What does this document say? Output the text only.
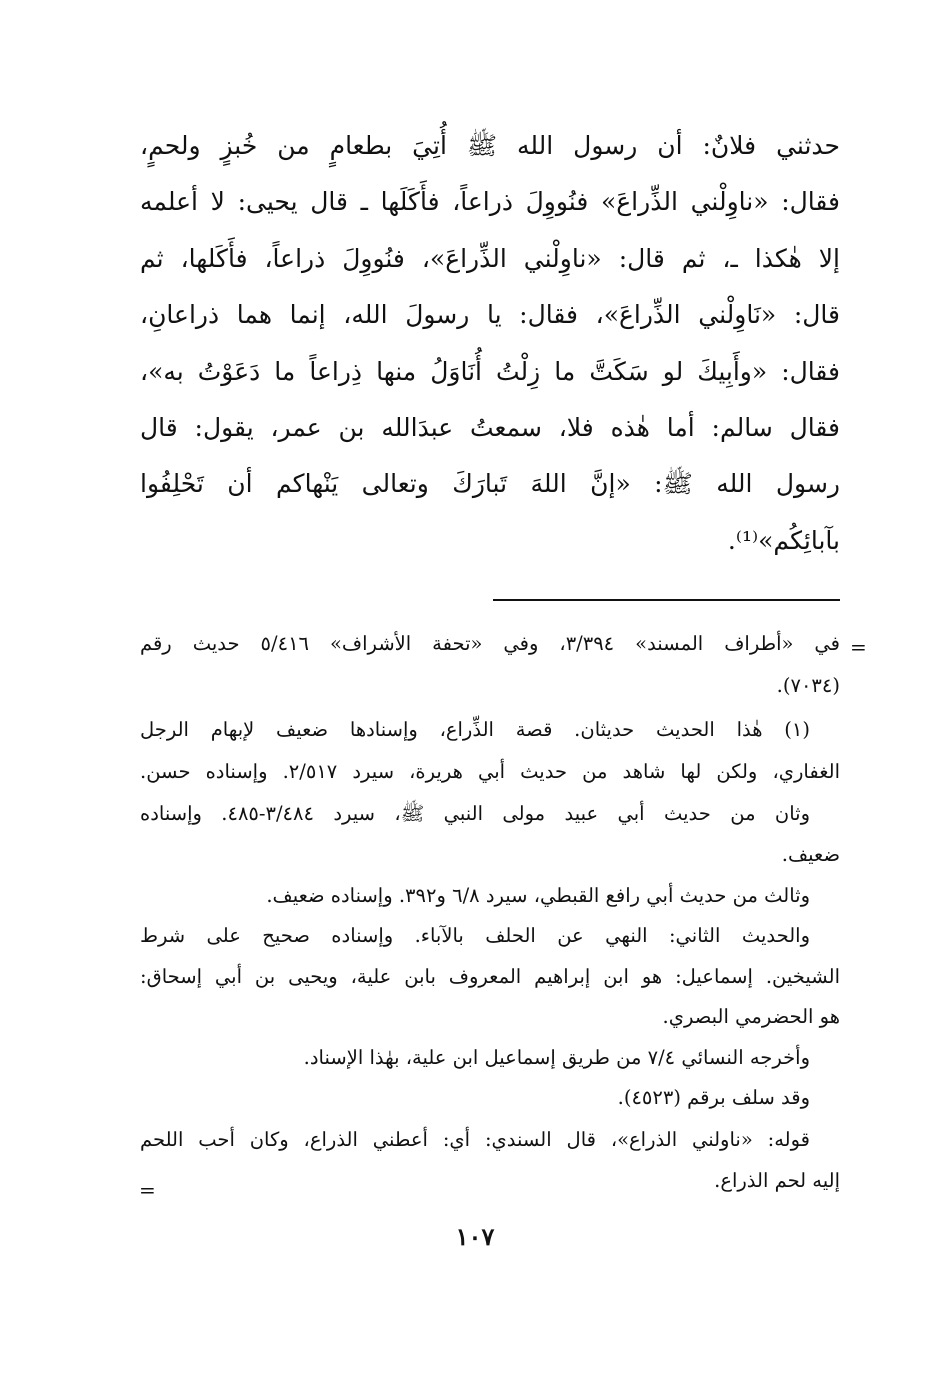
حدثني فلانٌ: أن رسول الله ﷺ أُتِيَ بطعامٍ من خُبزٍ ولحمٍ،
فقال: «ناوِلْني الذِّراعَ» فنُووِلَ ذراعاً، فأَكَلَها ـ قال يحيى: لا أعلمه
إلا هٰكذا ـ، ثم قال: «ناوِلْني الذِّراعَ»، فنُووِلَ ذراعاً، فأَكَلها، ثم
قال: «نَاوِلْني الذِّراعَ»، فقال: يا رسولَ الله، إنما هما ذراعانِ،
فقال: «وأَبِيكَ لو سَكَتَّ ما زِلْتُ أُنَاوَلُ منها ذِراعاً ما دَعَوْتُ به»،
فقال سالم: أما هٰذه فلا، سمعتُ عبدَالله بن عمر، يقول: قال
رسول الله ﷺ: «إنَّ اللهَ تَبارَكَ وتعالى يَنْهاكم أن تَحْلِفُوا
بآبائِكُم»⁽¹⁾.
=
في «أطراف المسند» ٣/٣٩٤، وفي «تحفة الأشراف» ٥/٤١٦ حديث رقم
(٧٠٣٤).
(١) هٰذا الحديث حديثان. قصة الذِّراع، وإسنادها ضعيف لإبهام الرجل
الغفاري، ولكن لها شاهد من حديث أبي هريرة، سيرد ٢/٥١٧. وإسناده حسن.
وثان من حديث أبي عبيد مولى النبي ﷺ، سيرد ٣/٤٨٤-٤٨٥. وإسناده
ضعيف.
وثالث من حديث أبي رافع القبطي، سيرد ٦/٨ و٣٩٢. وإسناده ضعيف.
والحديث الثاني: النهي عن الحلف بالآباء. وإسناده صحيح على شرط
الشيخين. إسماعيل: هو ابن إبراهيم المعروف بابن علية، ويحيى بن أبي إسحاق:
هو الحضرمي البصري.
وأخرجه النسائي ٧/٤ من طريق إسماعيل ابن علية، بهٰذا الإسناد.
وقد سلف برقم (٤٥٢٣).
قوله: «ناولني الذراع»، قال السندي: أي: أعطني الذراع، وكان أحب اللحم
إليه لحم الذراع.
=
١٠٧
